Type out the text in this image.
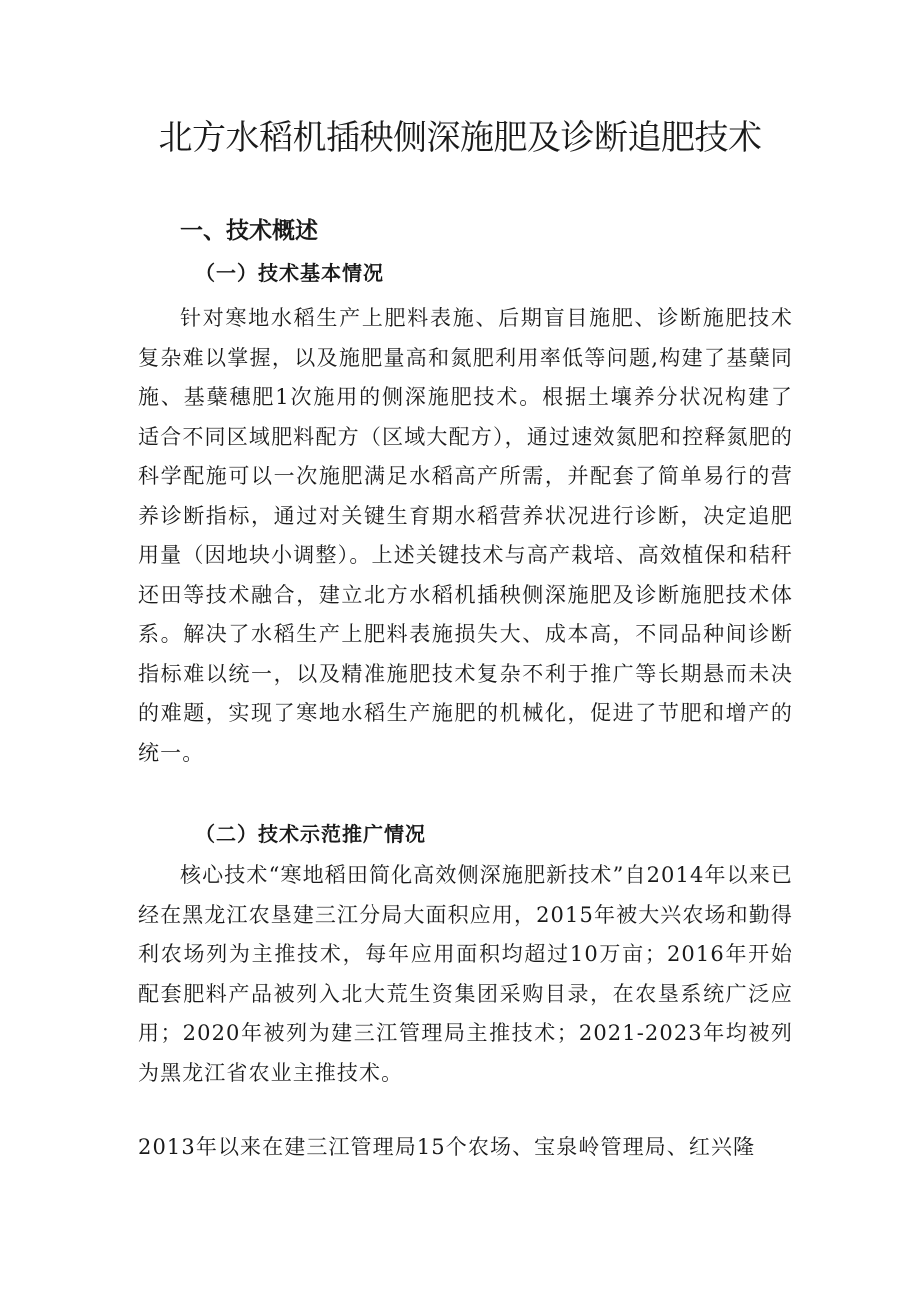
北方水稻机插秧侧深施肥及诊断追肥技术
一、技术概述
（一）技术基本情况

针对寒地水稻生产上肥料表施、后期盲目施肥、诊断施肥技术复杂难以掌握，以及施肥量高和氮肥利用率低等问题,构建了基蘖同施、基蘖穗肥1次施用的侧深施肥技术。根据土壤养分状况构建了适合不同区域肥料配方（区域大配方），通过速效氮肥和控释氮肥的科学配施可以一次施肥满足水稻高产所需，并配套了简单易行的营养诊断指标，通过对关键生育期水稻营养状况进行诊断，决定追肥用量（因地块小调整）。上述关键技术与高产栽培、高效植保和秸秆还田等技术融合，建立北方水稻机插秧侧深施肥及诊断施肥技术体系。解决了水稻生产上肥料表施损失大、成本高，不同品种间诊断指标难以统一，以及精准施肥技术复杂不利于推广等长期悬而未决的难题，实现了寒地水稻生产施肥的机械化，促进了节肥和增产的统一。

（二）技术示范推广情况

核心技术“寒地稻田简化高效侧深施肥新技术”自2014年以来已经在黑龙江农垦建三江分局大面积应用，2015年被大兴农场和勤得利农场列为主推技术，每年应用面积均超过10万亩；2016年开始配套肥料产品被列入北大荒生资集团采购目录，在农垦系统广泛应用；2020年被列为建三江管理局主推技术；2021-2023年均被列为黑龙江省农业主推技术。

2013年以来在建三江管理局15个农场、宝泉岭管理局、红兴隆
